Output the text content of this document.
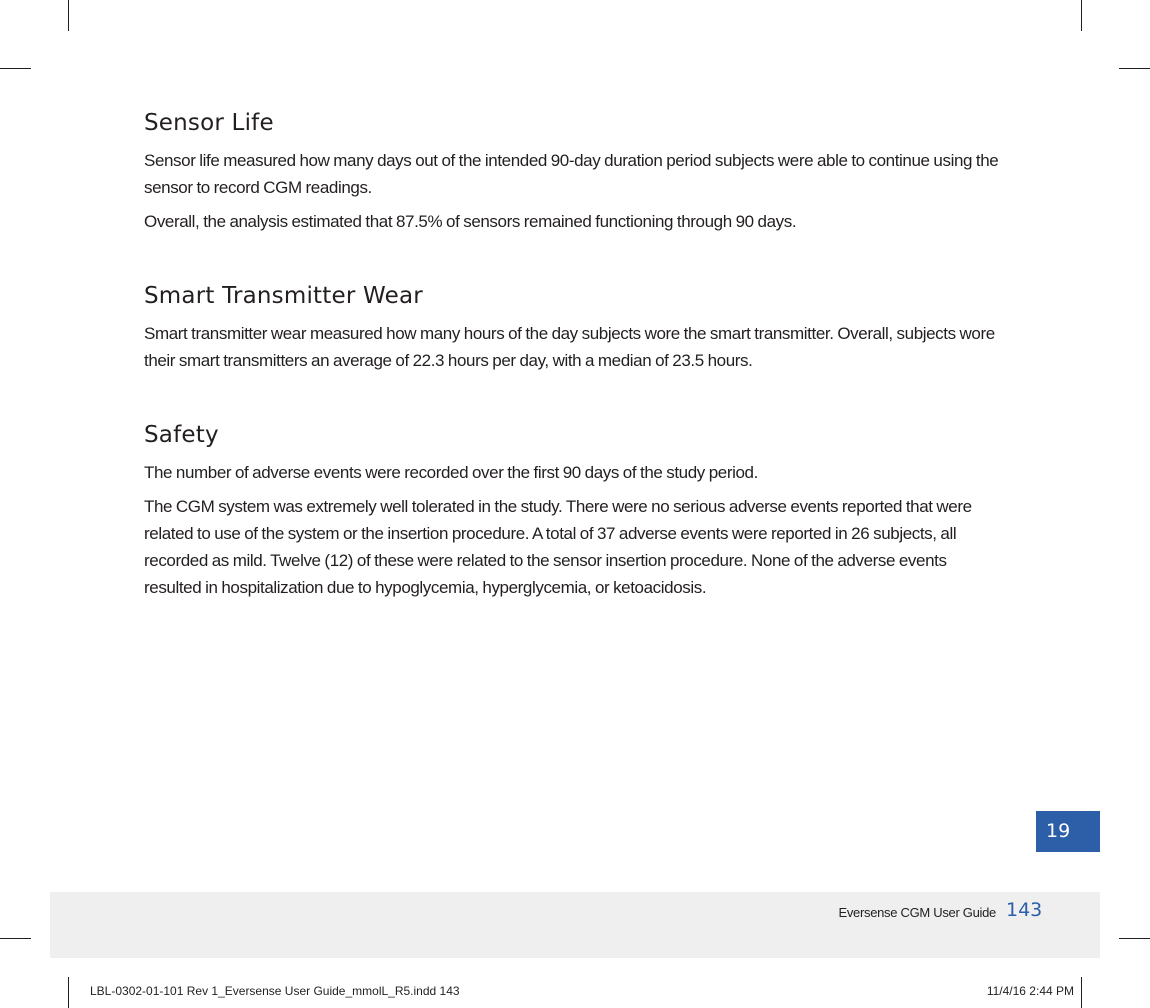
Sensor Life

Sensor life measured how many days out of the intended 90-day duration period subjects were able to continue using the sensor to record CGM readings.

Overall, the analysis estimated that 87.5% of sensors remained functioning through 90 days.

Smart Transmitter Wear

Smart transmitter wear measured how many hours of the day subjects wore the smart transmitter. Overall, subjects wore their smart transmitters an average of 22.3 hours per day, with a median of 23.5 hours.

Safety

The number of adverse events were recorded over the first 90 days of the study period.

The CGM system was extremely well tolerated in the study. There were no serious adverse events reported that were related to use of the system or the insertion procedure. A total of 37 adverse events were reported in 26 subjects, all recorded as mild. Twelve (12) of these were related to the sensor insertion procedure. None of the adverse events resulted in hospitalization due to hypoglycemia, hyperglycemia, or ketoacidosis.

19
Eversense CGM User Guide 143
LBL-0302-01-101 Rev 1_Eversense User Guide_mmolL_R5.indd 143	11/4/16 2:44 PM
